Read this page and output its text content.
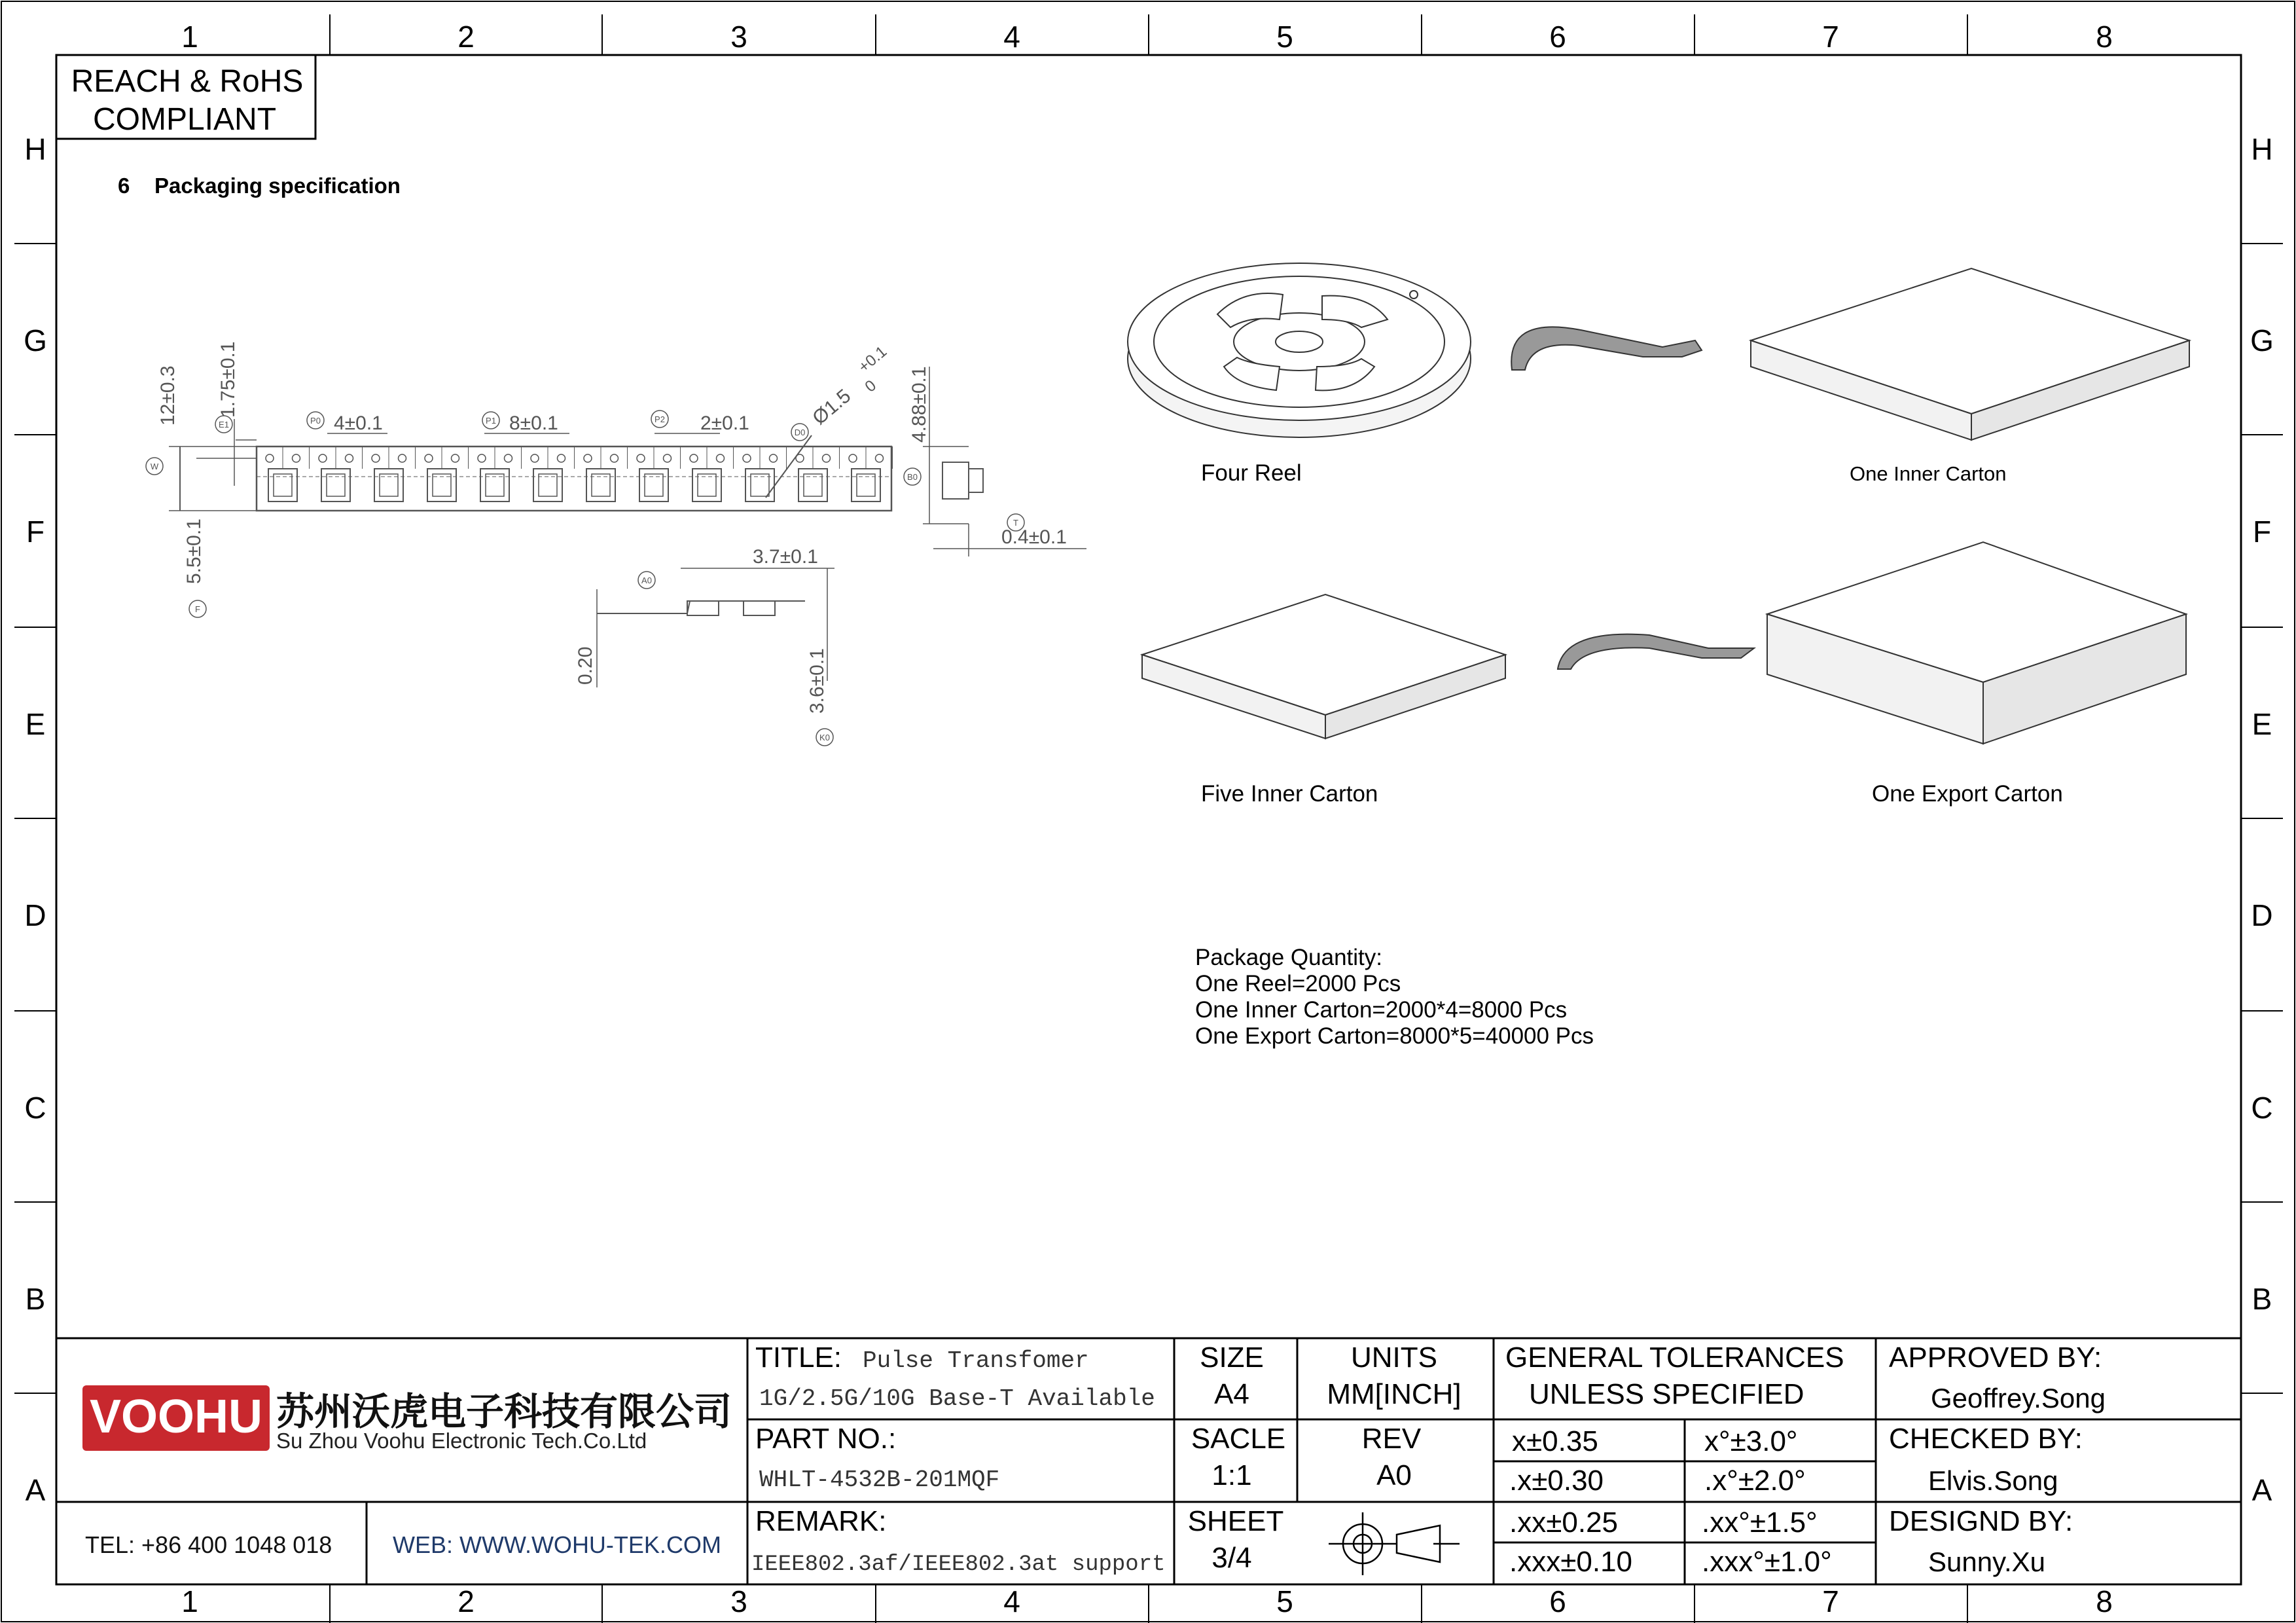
1	2	3	4	5	6	7	8
1	2	3	4	5	6	7	8
H
G
F
E
D
C
B
A
H
G
F
E
D
C
B
A
REACH & RoHS
COMPLIANT
6 Packaging specification
12±0.3 1.75±0.1
5.5±0.1
4±0.1	8±0.1	2±0.1	Ø1.5
+0.1
0 4.88±0.1
0.4±0.1
3.7±0.1
0.20	3.6±0.1
W
E1
F
P0	P1	P2
D0
B0
T
A0
K0
Four Reel	One Inner Carton
Five Inner Carton	One Export Carton
Package Quantity:
One Reel=2000 Pcs
One Inner Carton=2000*4=8000 Pcs
One Export Carton=8000*5=40000 Pcs
VOOHU 苏州沃虎电子科技有限公司
Su Zhou Voohu Electronic Tech.Co.Ltd
TEL: +86 400 1048 018	WEB: WWW.WOHU-TEK.COM
TITLE: Pulse Transfomer
1G/2.5G/10G Base-T Available
PART NO.:
WHLT-4532B-201MQF
REMARK:
IEEE802.3af/IEEE802.3at support
SIZE
A4
SACLE
1:1
SHEET
3/4
UNITS
MM[INCH]
REV
A0
GENERAL TOLERANCES
UNLESS SPECIFIED
x±0.35	x°±3.0°
.x±0.30	.x°±2.0°
.xx±0.25	.xx°±1.5°
.xxx±0.10 .xxx°±1.0°
APPROVED BY:
Geoffrey.Song
CHECKED BY:
Elvis.Song
DESIGND BY:
Sunny.Xu
